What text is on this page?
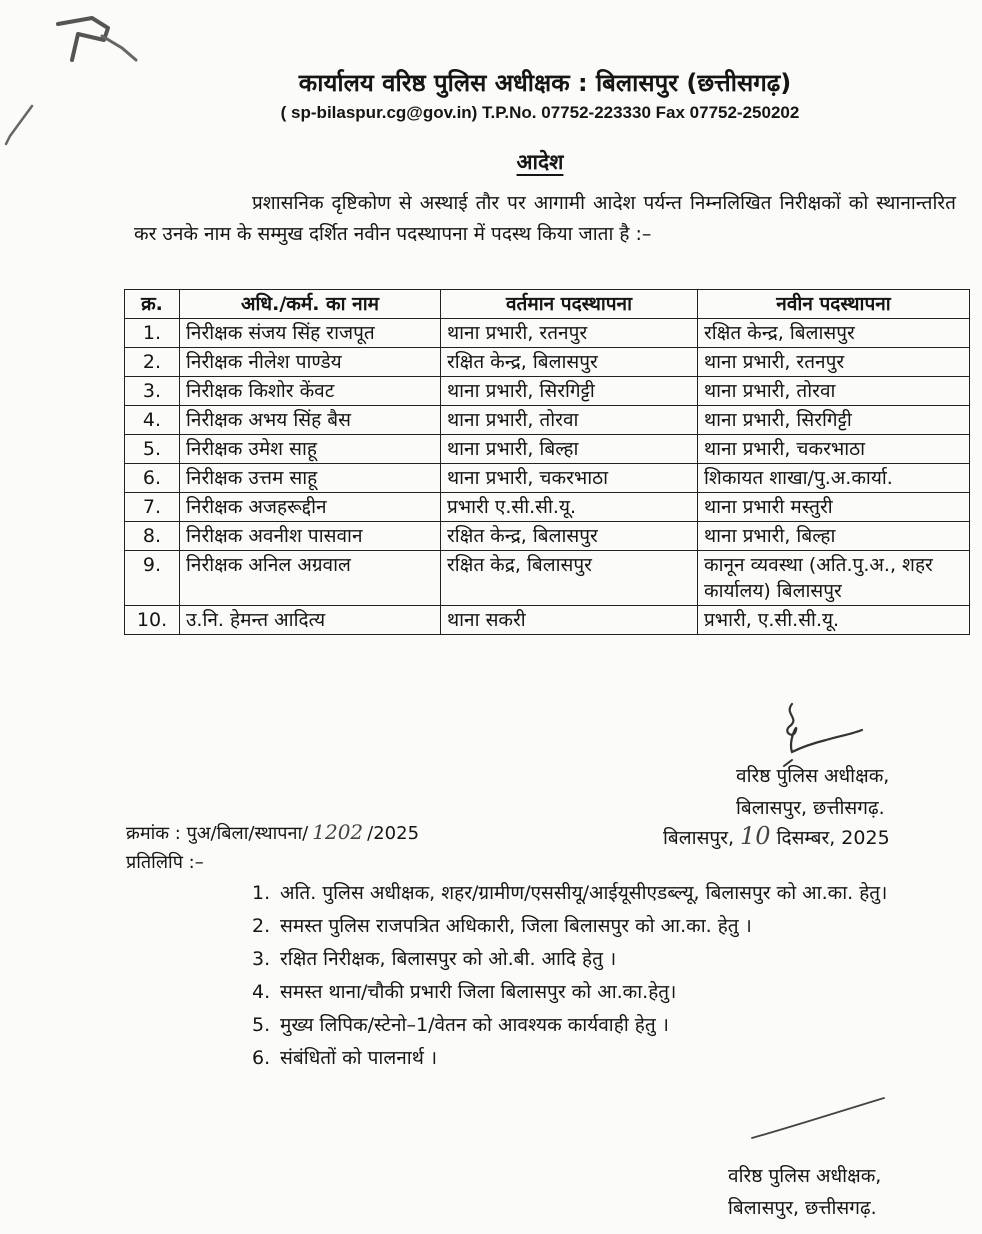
कार्यालय वरिष्ठ पुलिस अधीक्षक : बिलासपुर (छत्तीसगढ़)
( sp-bilaspur.cg@gov.in) T.P.No. 07752-223330 Fax 07752-250202
आदेश

प्रशासनिक दृष्टिकोण से अस्थाई तौर पर आगामी आदेश पर्यन्त निम्नलिखित निरीक्षकों को स्थानान्तरित कर उनके नाम के सम्मुख दर्शित नवीन पदस्थापना में पदस्थ किया जाता है :–

क्र.	अधि./कर्म. का नाम	वर्तमान पदस्थापना	नवीन पदस्थापना
1.	निरीक्षक संजय सिंह राजपूत	थाना प्रभारी, रतनपुर	रक्षित केन्द्र, बिलासपुर
2.	निरीक्षक नीलेश पाण्डेय	रक्षित केन्द्र, बिलासपुर	थाना प्रभारी, रतनपुर
3.	निरीक्षक किशोर केंवट	थाना प्रभारी, सिरगिट्टी	थाना प्रभारी, तोरवा
4.	निरीक्षक अभय सिंह बैस	थाना प्रभारी, तोरवा	थाना प्रभारी, सिरगिट्टी
5.	निरीक्षक उमेश साहू	थाना प्रभारी, बिल्हा	थाना प्रभारी, चकरभाठा
6.	निरीक्षक उत्तम साहू	थाना प्रभारी, चकरभाठा	शिकायत शाखा/पु.अ.कार्या.
7.	निरीक्षक अजहरूद्दीन	प्रभारी ए.सी.सी.यू.	थाना प्रभारी मस्तुरी
8.	निरीक्षक अवनीश पासवान	रक्षित केन्द्र, बिलासपुर	थाना प्रभारी, बिल्हा
9.	निरीक्षक अनिल अग्रवाल	रक्षित केद्र, बिलासपुर	कानून व्यवस्था (अति.पु.अ., शहर कार्यालय) बिलासपुर
10.	उ.नि. हेमन्त आदित्य	थाना सकरी	प्रभारी, ए.सी.सी.यू.
वरिष्ठ पुलिस अधीक्षक,
बिलासपुर, छत्तीसगढ़.
क्रमांक : पुअ/बिला/स्थापना/ 1202 /2025	बिलासपुर, 10 दिसम्बर, 2025
प्रतिलिपि :–
1. अति. पुलिस अधीक्षक, शहर/ग्रामीण/एससीयू/आईयूसीएडब्ल्यू, बिलासपुर को आ.का. हेतु।
2. समस्त पुलिस राजपत्रित अधिकारी, जिला बिलासपुर को आ.का. हेतु ।
3. रक्षित निरीक्षक, बिलासपुर को ओ.बी. आदि हेतु ।
4. समस्त थाना/चौकी प्रभारी जिला बिलासपुर को आ.का.हेतु।
5. मुख्य लिपिक/स्टेनो–1/वेतन को आवश्यक कार्यवाही हेतु ।
6. संबंधितों को पालनार्थ ।
वरिष्ठ पुलिस अधीक्षक,
बिलासपुर, छत्तीसगढ़.
